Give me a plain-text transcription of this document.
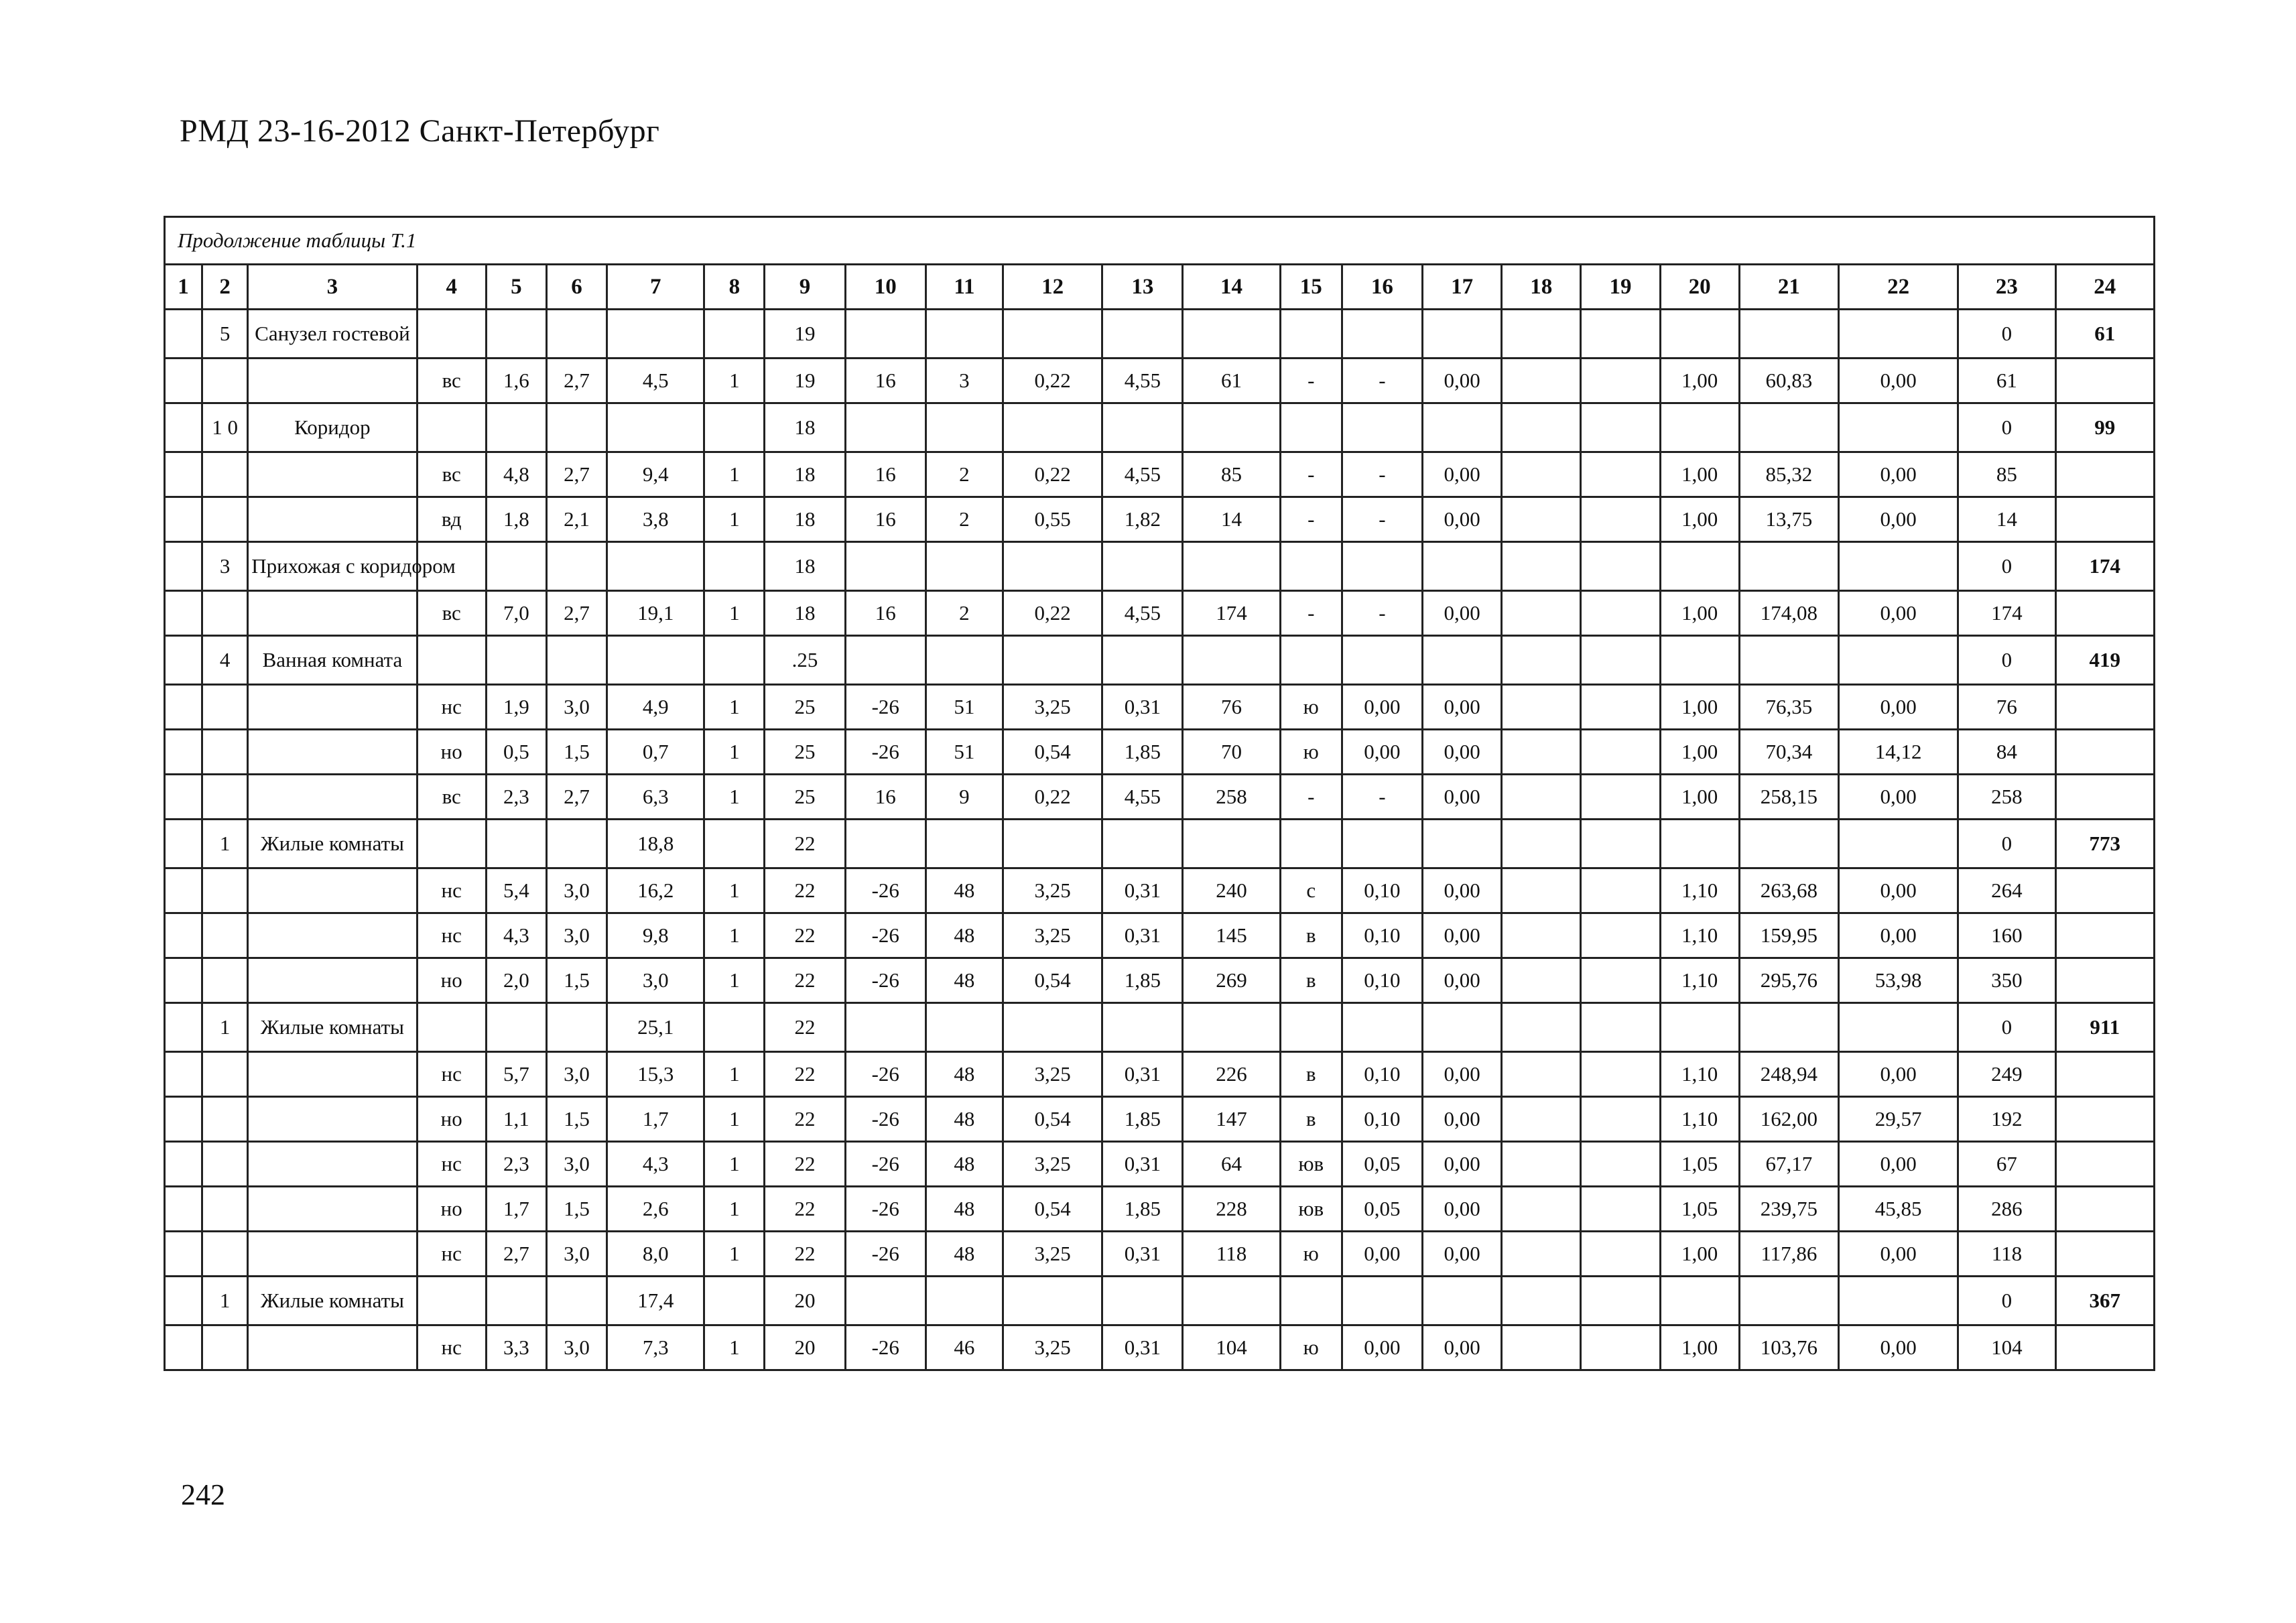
РМД 23-16-2012 Санкт-Петербург
Продолжение таблицы Т.1																							
1	2	3	4	5	6	7	8	9	10	11	12	13	14	15	16	17	18	19	20	21	22	23	24
	5	Санузел гостевой						19														0	61
			вс	1,6	2,7	4,5	1	19	16	3	0,22	4,55	61	-	-	0,00			1,00	60,83	0,00	61	
	1 0	Коридор						18														0	99
			вс	4,8	2,7	9,4	1	18	16	2	0,22	4,55	85	-	-	0,00			1,00	85,32	0,00	85	
			вд	1,8	2,1	3,8	1	18	16	2	0,55	1,82	14	-	-	0,00			1,00	13,75	0,00	14	
	3	Прихожая с коридором						18														0	174
			вс	7,0	2,7	19,1	1	18	16	2	0,22	4,55	174	-	-	0,00			1,00	174,08	0,00	174	
	4	Ванная комната						.25														0	419
			нс	1,9	3,0	4,9	1	25	-26	51	3,25	0,31	76	ю	0,00	0,00			1,00	76,35	0,00	76	
			но	0,5	1,5	0,7	1	25	-26	51	0,54	1,85	70	ю	0,00	0,00			1,00	70,34	14,12	84	
			вс	2,3	2,7	6,3	1	25	16	9	0,22	4,55	258	-	-	0,00			1,00	258,15	0,00	258	
	1	Жилые комнаты				18,8		22														0	773
			нс	5,4	3,0	16,2	1	22	-26	48	3,25	0,31	240	с	0,10	0,00			1,10	263,68	0,00	264	
			нс	4,3	3,0	9,8	1	22	-26	48	3,25	0,31	145	в	0,10	0,00			1,10	159,95	0,00	160	
			но	2,0	1,5	3,0	1	22	-26	48	0,54	1,85	269	в	0,10	0,00			1,10	295,76	53,98	350	
	1	Жилые комнаты				25,1		22														0	911
			нс	5,7	3,0	15,3	1	22	-26	48	3,25	0,31	226	в	0,10	0,00			1,10	248,94	0,00	249	
			но	1,1	1,5	1,7	1	22	-26	48	0,54	1,85	147	в	0,10	0,00			1,10	162,00	29,57	192	
			нс	2,3	3,0	4,3	1	22	-26	48	3,25	0,31	64	юв	0,05	0,00			1,05	67,17	0,00	67	
			но	1,7	1,5	2,6	1	22	-26	48	0,54	1,85	228	юв	0,05	0,00			1,05	239,75	45,85	286	
			нс	2,7	3,0	8,0	1	22	-26	48	3,25	0,31	118	ю	0,00	0,00			1,00	117,86	0,00	118	
	1	Жилые комнаты				17,4		20														0	367
			нс	3,3	3,0	7,3	1	20	-26	46	3,25	0,31	104	ю	0,00	0,00			1,00	103,76	0,00	104	
242
